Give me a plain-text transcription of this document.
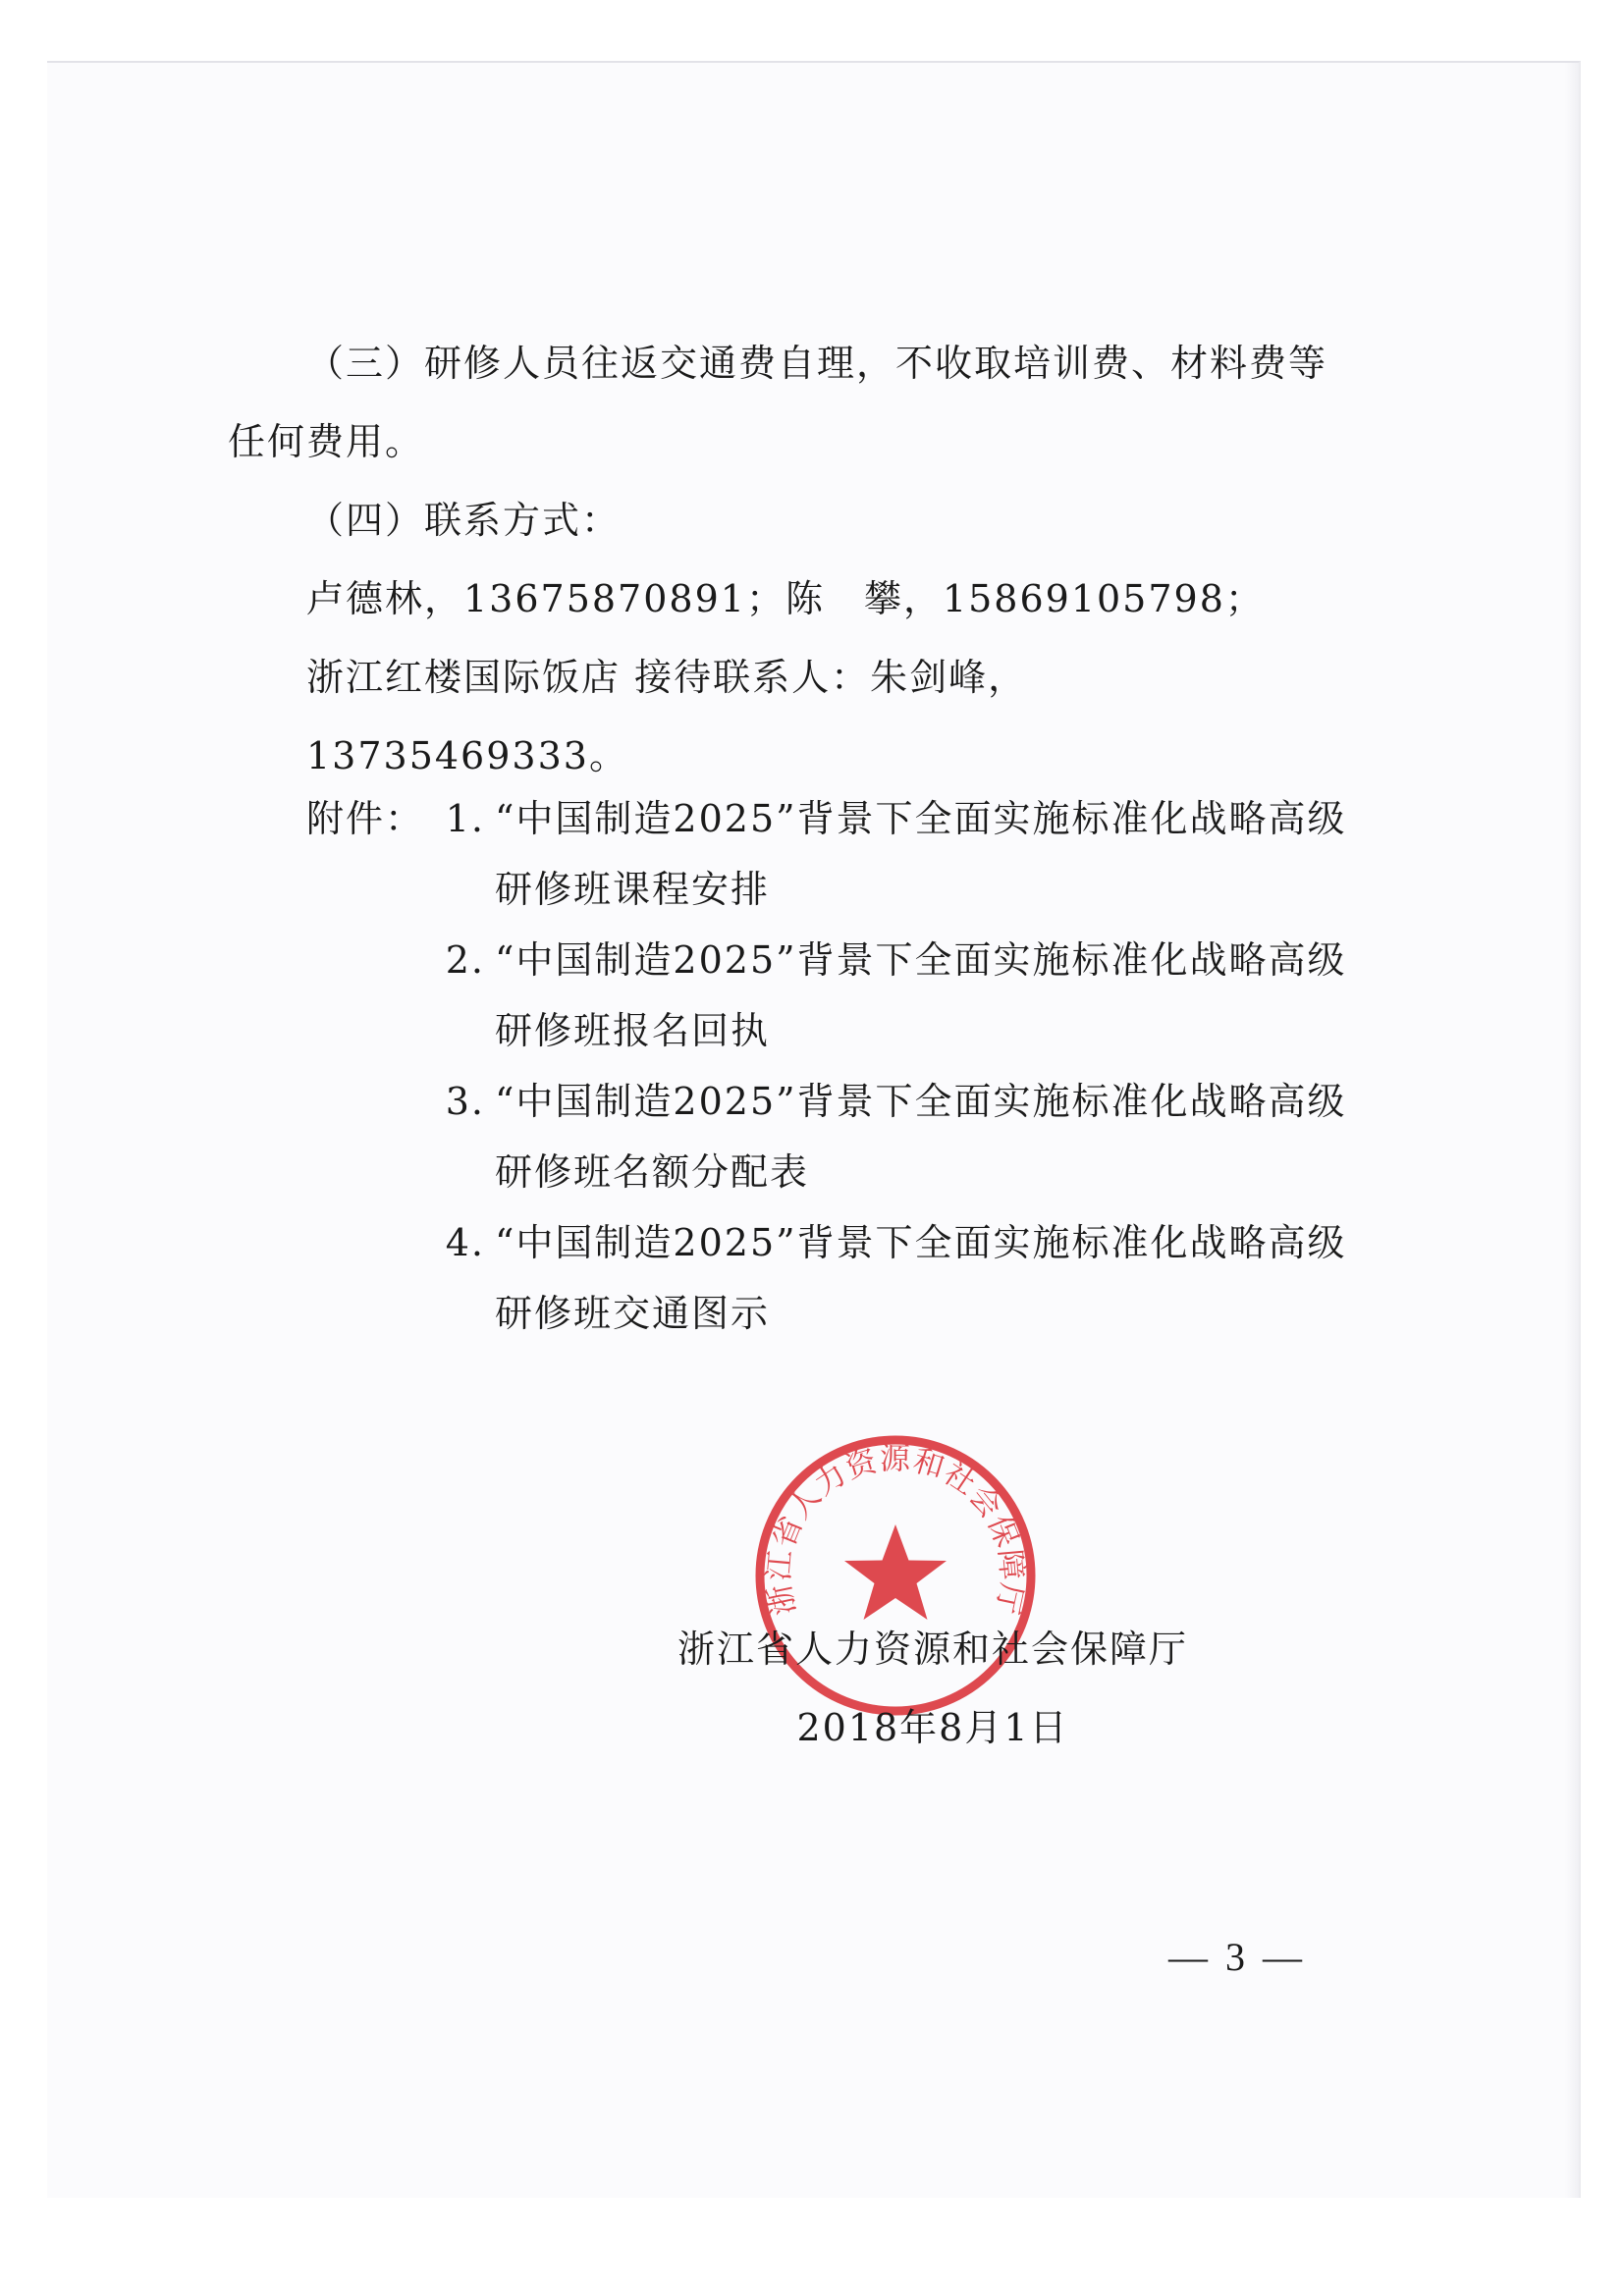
（三）研修人员往返交通费自理，不收取培训费、材料费等任何费用。

（四）联系方式：

卢德林，13675870891；陈　攀，15869105798；

浙江红楼国际饭店 接待联系人：朱剑峰，13735469333。

附件： 1. “中国制造2025”背景下全面实施标准化战略高级研修班课程安排
2. “中国制造2025”背景下全面实施标准化战略高级研修班报名回执
3. “中国制造2025”背景下全面实施标准化战略高级研修班名额分配表
4. “中国制造2025”背景下全面实施标准化战略高级研修班交通图示
浙江省人力资源和社会保障厅
浙江省人力资源和社会保障厅
2018年8月1日
— 3 —
